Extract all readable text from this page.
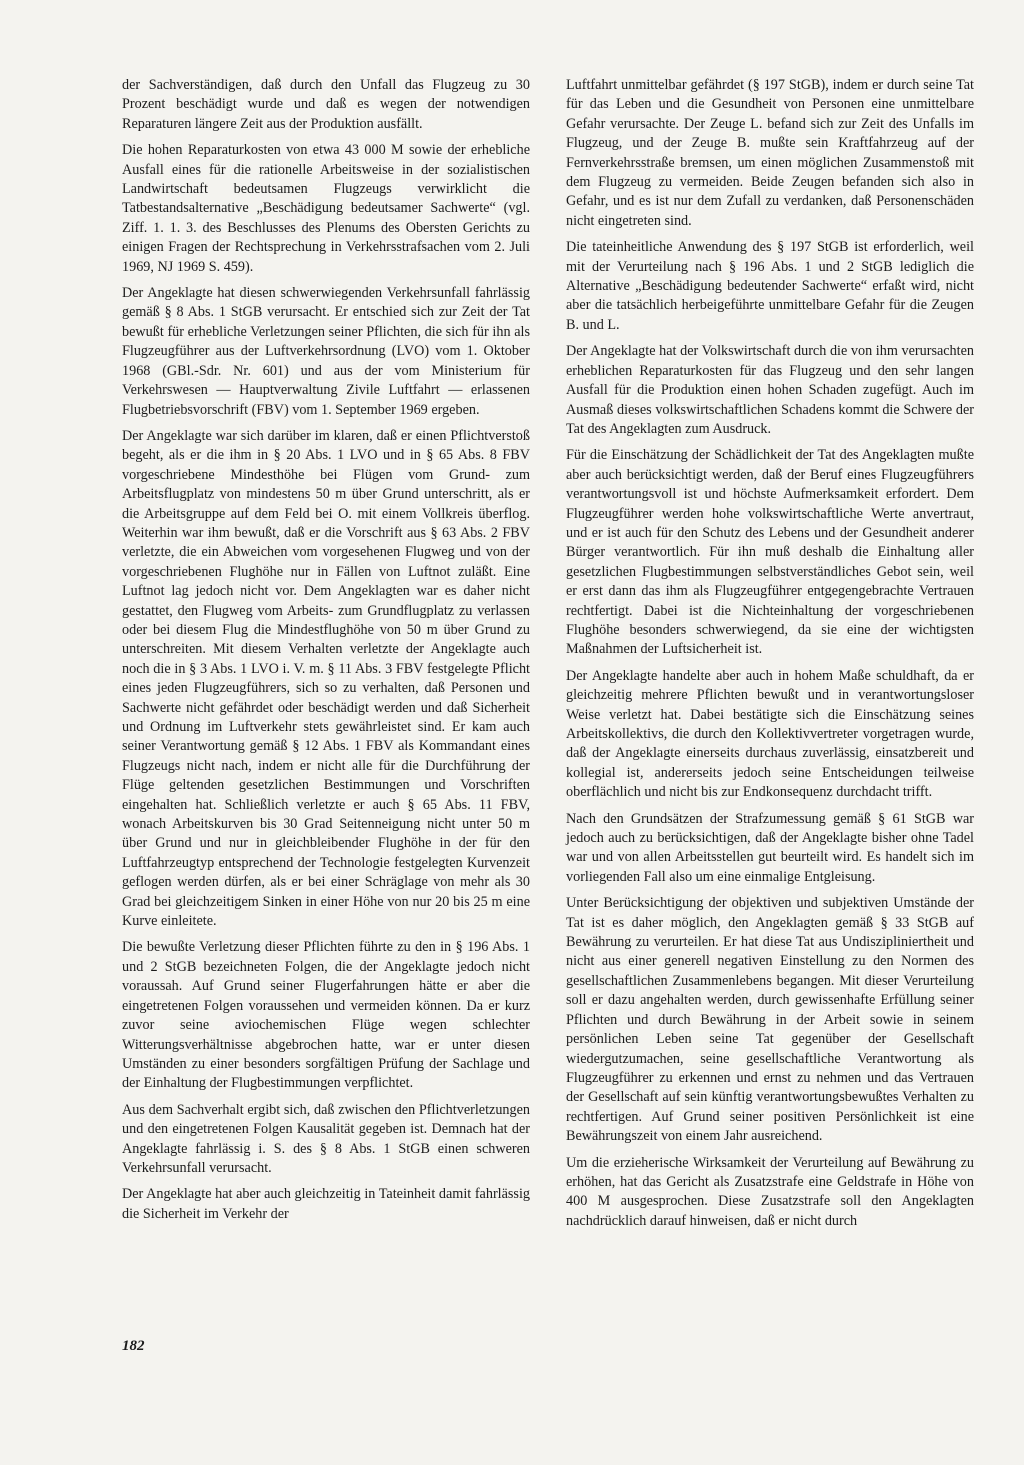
der Sachverständigen, daß durch den Unfall das Flugzeug zu 30 Prozent beschädigt wurde und daß es wegen der notwendigen Reparaturen längere Zeit aus der Produktion ausfällt.

Die hohen Reparaturkosten von etwa 43 000 M sowie der erhebliche Ausfall eines für die rationelle Arbeitsweise in der sozialistischen Landwirtschaft bedeutsamen Flugzeugs verwirklicht die Tatbestandsalternative „Beschädigung bedeutsamer Sachwerte“ (vgl. Ziff. 1. 1. 3. des Beschlusses des Plenums des Obersten Gerichts zu einigen Fragen der Rechtsprechung in Verkehrsstrafsachen vom 2. Juli 1969, NJ 1969 S. 459).

Der Angeklagte hat diesen schwerwiegenden Verkehrsunfall fahrlässig gemäß § 8 Abs. 1 StGB verursacht. Er entschied sich zur Zeit der Tat bewußt für erhebliche Verletzungen seiner Pflichten, die sich für ihn als Flugzeugführer aus der Luftverkehrsordnung (LVO) vom 1. Oktober 1968 (GBl.-Sdr. Nr. 601) und aus der vom Ministerium für Verkehrswesen — Hauptverwaltung Zivile Luftfahrt — erlassenen Flugbetriebsvorschrift (FBV) vom 1. September 1969 ergeben.

Der Angeklagte war sich darüber im klaren, daß er einen Pflichtverstoß begeht, als er die ihm in § 20 Abs. 1 LVO und in § 65 Abs. 8 FBV vorgeschriebene Mindesthöhe bei Flügen vom Grund- zum Arbeitsflugplatz von mindestens 50 m über Grund unterschritt, als er die Arbeitsgruppe auf dem Feld bei O. mit einem Vollkreis überflog. Weiterhin war ihm bewußt, daß er die Vorschrift aus § 63 Abs. 2 FBV verletzte, die ein Abweichen vom vorgesehenen Flugweg und von der vorgeschriebenen Flughöhe nur in Fällen von Luftnot zuläßt. Eine Luftnot lag jedoch nicht vor. Dem Angeklagten war es daher nicht gestattet, den Flugweg vom Arbeits- zum Grundflugplatz zu verlassen oder bei diesem Flug die Mindestflughöhe von 50 m über Grund zu unterschreiten. Mit diesem Verhalten verletzte der Angeklagte auch noch die in § 3 Abs. 1 LVO i. V. m. § 11 Abs. 3 FBV festgelegte Pflicht eines jeden Flugzeugführers, sich so zu verhalten, daß Personen und Sachwerte nicht gefährdet oder beschädigt werden und daß Sicherheit und Ordnung im Luftverkehr stets gewährleistet sind. Er kam auch seiner Verantwortung gemäß § 12 Abs. 1 FBV als Kommandant eines Flugzeugs nicht nach, indem er nicht alle für die Durchführung der Flüge geltenden gesetzlichen Bestimmungen und Vorschriften eingehalten hat. Schließlich verletzte er auch § 65 Abs. 11 FBV, wonach Arbeitskurven bis 30 Grad Seitenneigung nicht unter 50 m über Grund und nur in gleichbleibender Flughöhe in der für den Luftfahrzeugtyp entsprechend der Technologie festgelegten Kurvenzeit geflogen werden dürfen, als er bei einer Schräglage von mehr als 30 Grad bei gleichzeitigem Sinken in einer Höhe von nur 20 bis 25 m eine Kurve einleitete.

Die bewußte Verletzung dieser Pflichten führte zu den in § 196 Abs. 1 und 2 StGB bezeichneten Folgen, die der Angeklagte jedoch nicht voraussah. Auf Grund seiner Flugerfahrungen hätte er aber die eingetretenen Folgen voraussehen und vermeiden können. Da er kurz zuvor seine aviochemischen Flüge wegen schlechter Witterungsverhältnisse abgebrochen hatte, war er unter diesen Umständen zu einer besonders sorgfältigen Prüfung der Sachlage und der Einhaltung der Flugbestimmungen verpflichtet.

Aus dem Sachverhalt ergibt sich, daß zwischen den Pflichtverletzungen und den eingetretenen Folgen Kausalität gegeben ist. Demnach hat der Angeklagte fahrlässig i. S. des § 8 Abs. 1 StGB einen schweren Verkehrsunfall verursacht.

Der Angeklagte hat aber auch gleichzeitig in Tateinheit damit fahrlässig die Sicherheit im Verkehr der

Luftfahrt unmittelbar gefährdet (§ 197 StGB), indem er durch seine Tat für das Leben und die Gesundheit von Personen eine unmittelbare Gefahr verursachte. Der Zeuge L. befand sich zur Zeit des Unfalls im Flugzeug, und der Zeuge B. mußte sein Kraftfahrzeug auf der Fernverkehrsstraße bremsen, um einen möglichen Zusammenstoß mit dem Flugzeug zu vermeiden. Beide Zeugen befanden sich also in Gefahr, und es ist nur dem Zufall zu verdanken, daß Personenschäden nicht eingetreten sind.

Die tateinheitliche Anwendung des § 197 StGB ist erforderlich, weil mit der Verurteilung nach § 196 Abs. 1 und 2 StGB lediglich die Alternative „Beschädigung bedeutender Sachwerte“ erfaßt wird, nicht aber die tatsächlich herbeigeführte unmittelbare Gefahr für die Zeugen B. und L.

Der Angeklagte hat der Volkswirtschaft durch die von ihm verursachten erheblichen Reparaturkosten für das Flugzeug und den sehr langen Ausfall für die Produktion einen hohen Schaden zugefügt. Auch im Ausmaß dieses volkswirtschaftlichen Schadens kommt die Schwere der Tat des Angeklagten zum Ausdruck.

Für die Einschätzung der Schädlichkeit der Tat des Angeklagten mußte aber auch berücksichtigt werden, daß der Beruf eines Flugzeugführers verantwortungsvoll ist und höchste Aufmerksamkeit erfordert. Dem Flugzeugführer werden hohe volkswirtschaftliche Werte anvertraut, und er ist auch für den Schutz des Lebens und der Gesundheit anderer Bürger verantwortlich. Für ihn muß deshalb die Einhaltung aller gesetzlichen Flugbestimmungen selbstverständliches Gebot sein, weil er erst dann das ihm als Flugzeugführer entgegengebrachte Vertrauen rechtfertigt. Dabei ist die Nichteinhaltung der vorgeschriebenen Flughöhe besonders schwerwiegend, da sie eine der wichtigsten Maßnahmen der Luftsicherheit ist.

Der Angeklagte handelte aber auch in hohem Maße schuldhaft, da er gleichzeitig mehrere Pflichten bewußt und in verantwortungsloser Weise verletzt hat. Dabei bestätigte sich die Einschätzung seines Arbeitskollektivs, die durch den Kollektivvertreter vorgetragen wurde, daß der Angeklagte einerseits durchaus zuverlässig, einsatzbereit und kollegial ist, andererseits jedoch seine Entscheidungen teilweise oberflächlich und nicht bis zur Endkonsequenz durchdacht trifft.

Nach den Grundsätzen der Strafzumessung gemäß § 61 StGB war jedoch auch zu berücksichtigen, daß der Angeklagte bisher ohne Tadel war und von allen Arbeitsstellen gut beurteilt wird. Es handelt sich im vorliegenden Fall also um eine einmalige Entgleisung.

Unter Berücksichtigung der objektiven und subjektiven Umstände der Tat ist es daher möglich, den Angeklagten gemäß § 33 StGB auf Bewährung zu verurteilen. Er hat diese Tat aus Undiszipliniertheit und nicht aus einer generell negativen Einstellung zu den Normen des gesellschaftlichen Zusammenlebens begangen. Mit dieser Verurteilung soll er dazu angehalten werden, durch gewissenhafte Erfüllung seiner Pflichten und durch Bewährung in der Arbeit sowie in seinem persönlichen Leben seine Tat gegenüber der Gesellschaft wiedergutzumachen, seine gesellschaftliche Verantwortung als Flugzeugführer zu erkennen und ernst zu nehmen und das Vertrauen der Gesellschaft auf sein künftig verantwortungsbewußtes Verhalten zu rechtfertigen. Auf Grund seiner positiven Persönlichkeit ist eine Bewährungszeit von einem Jahr ausreichend.

Um die erzieherische Wirksamkeit der Verurteilung auf Bewährung zu erhöhen, hat das Gericht als Zusatzstrafe eine Geldstrafe in Höhe von 400 M ausgesprochen. Diese Zusatzstrafe soll den Angeklagten nachdrücklich darauf hinweisen, daß er nicht durch

182
